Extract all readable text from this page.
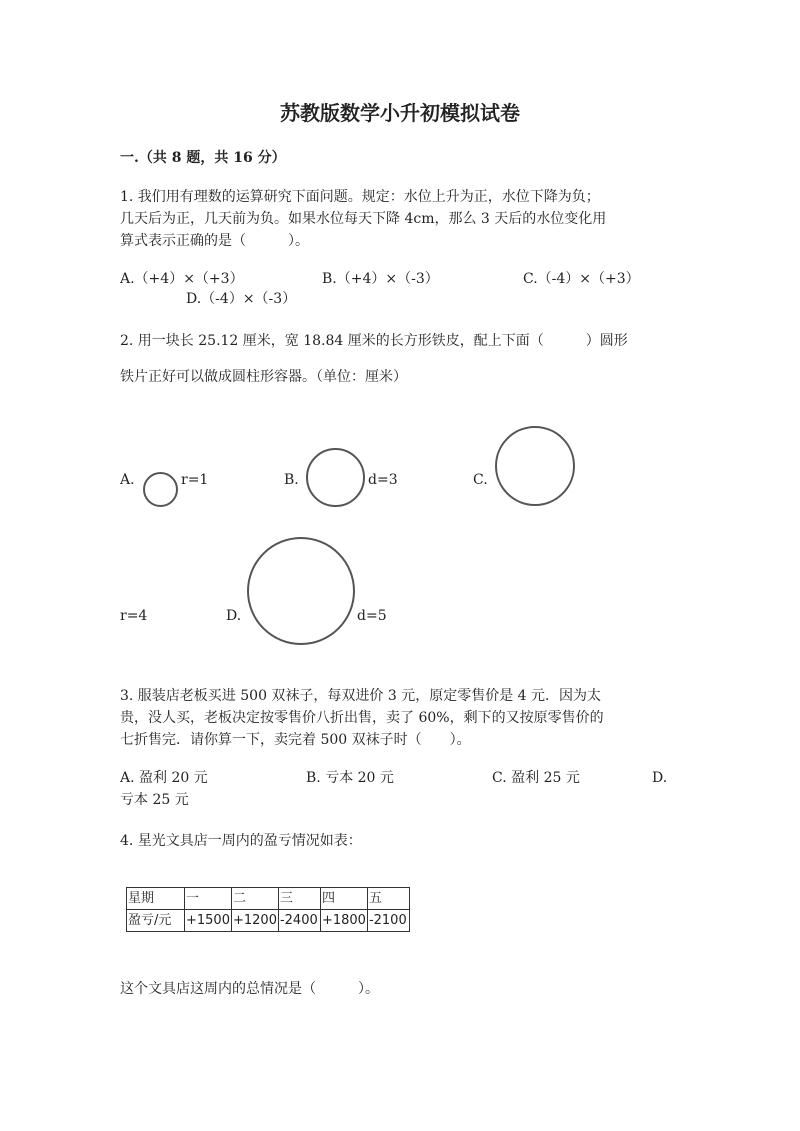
苏教版数学小升初模拟试卷
一.（共 8 题，共 16 分）
1. 我们用有理数的运算研究下面问题。规定：水位上升为正，水位下降为负；
几天后为正，几天前为负。如果水位每天下降 4cm，那么 3 天后的水位变化用
算式表示正确的是（　　　）。
A.（+4）×（+3）	B.（+4）×（-3）	C.（-4）×（+3）
D.（-4）×（-3）
2. 用一块长 25.12 厘米，宽 18.84 厘米的长方形铁皮，配上下面（　　　）圆形
铁片正好可以做成圆柱形容器。（单位：厘米）
A.	r=1	B.	d=3	C.
r=4	D.	d=5
3. 服装店老板买进 500 双袜子，每双进价 3 元，原定零售价是 4 元．因为太
贵，没人买，老板决定按零售价八折出售，卖了 60%，剩下的又按原零售价的
七折售完．请你算一下，卖完着 500 双袜子时（　　）。
A. 盈利 20 元	B. 亏本 20 元	C. 盈利 25 元	D.
亏本 25 元
4. 星光文具店一周内的盈亏情况如表：
星期	一	二	三	四	五
盈亏/元	+1500	+1200	-2400	+1800	-2100
这个文具店这周内的总情况是（　　　）。
